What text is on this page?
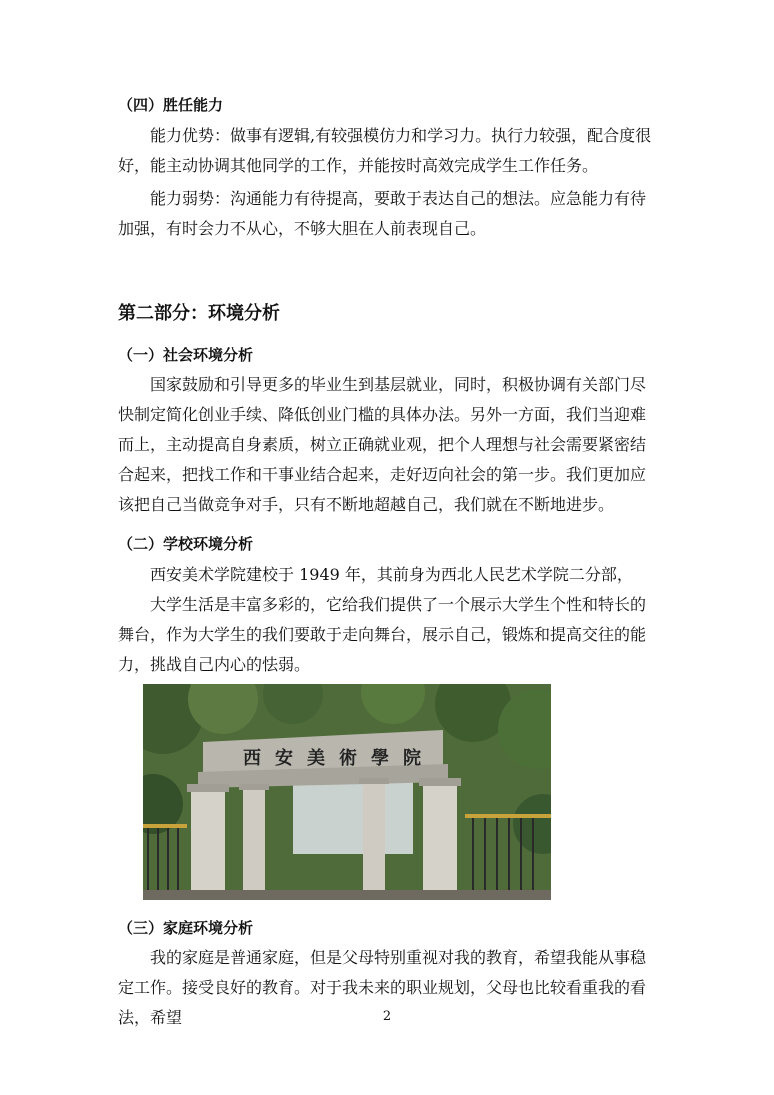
（四）胜任能力

能力优势：做事有逻辑,有较强模仿力和学习力。执行力较强，配合度很好，能主动协调其他同学的工作，并能按时高效完成学生工作任务。

能力弱势：沟通能力有待提高，要敢于表达自己的想法。应急能力有待加强，有时会力不从心，不够大胆在人前表现自己。

第二部分：环境分析
（一）社会环境分析

国家鼓励和引导更多的毕业生到基层就业，同时，积极协调有关部门尽快制定简化创业手续、降低创业门槛的具体办法。另外一方面，我们当迎难而上，主动提高自身素质，树立正确就业观，把个人理想与社会需要紧密结合起来，把找工作和干事业结合起来，走好迈向社会的第一步。我们更加应该把自己当做竞争对手，只有不断地超越自己，我们就在不断地进步。

（二）学校环境分析

西安美术学院建校于 1949 年，其前身为西北人民艺术学院二分部，

大学生活是丰富多彩的，它给我们提供了一个展示大学生个性和特长的舞台，作为大学生的我们要敢于走向舞台，展示自己，锻炼和提高交往的能力，挑战自己内心的怯弱。

西安美術學院
（三）家庭环境分析

我的家庭是普通家庭，但是父母特别重视对我的教育，希望我能从事稳定工作。接受良好的教育。对于我未来的职业规划，父母也比较看重我的看法，希望	2
